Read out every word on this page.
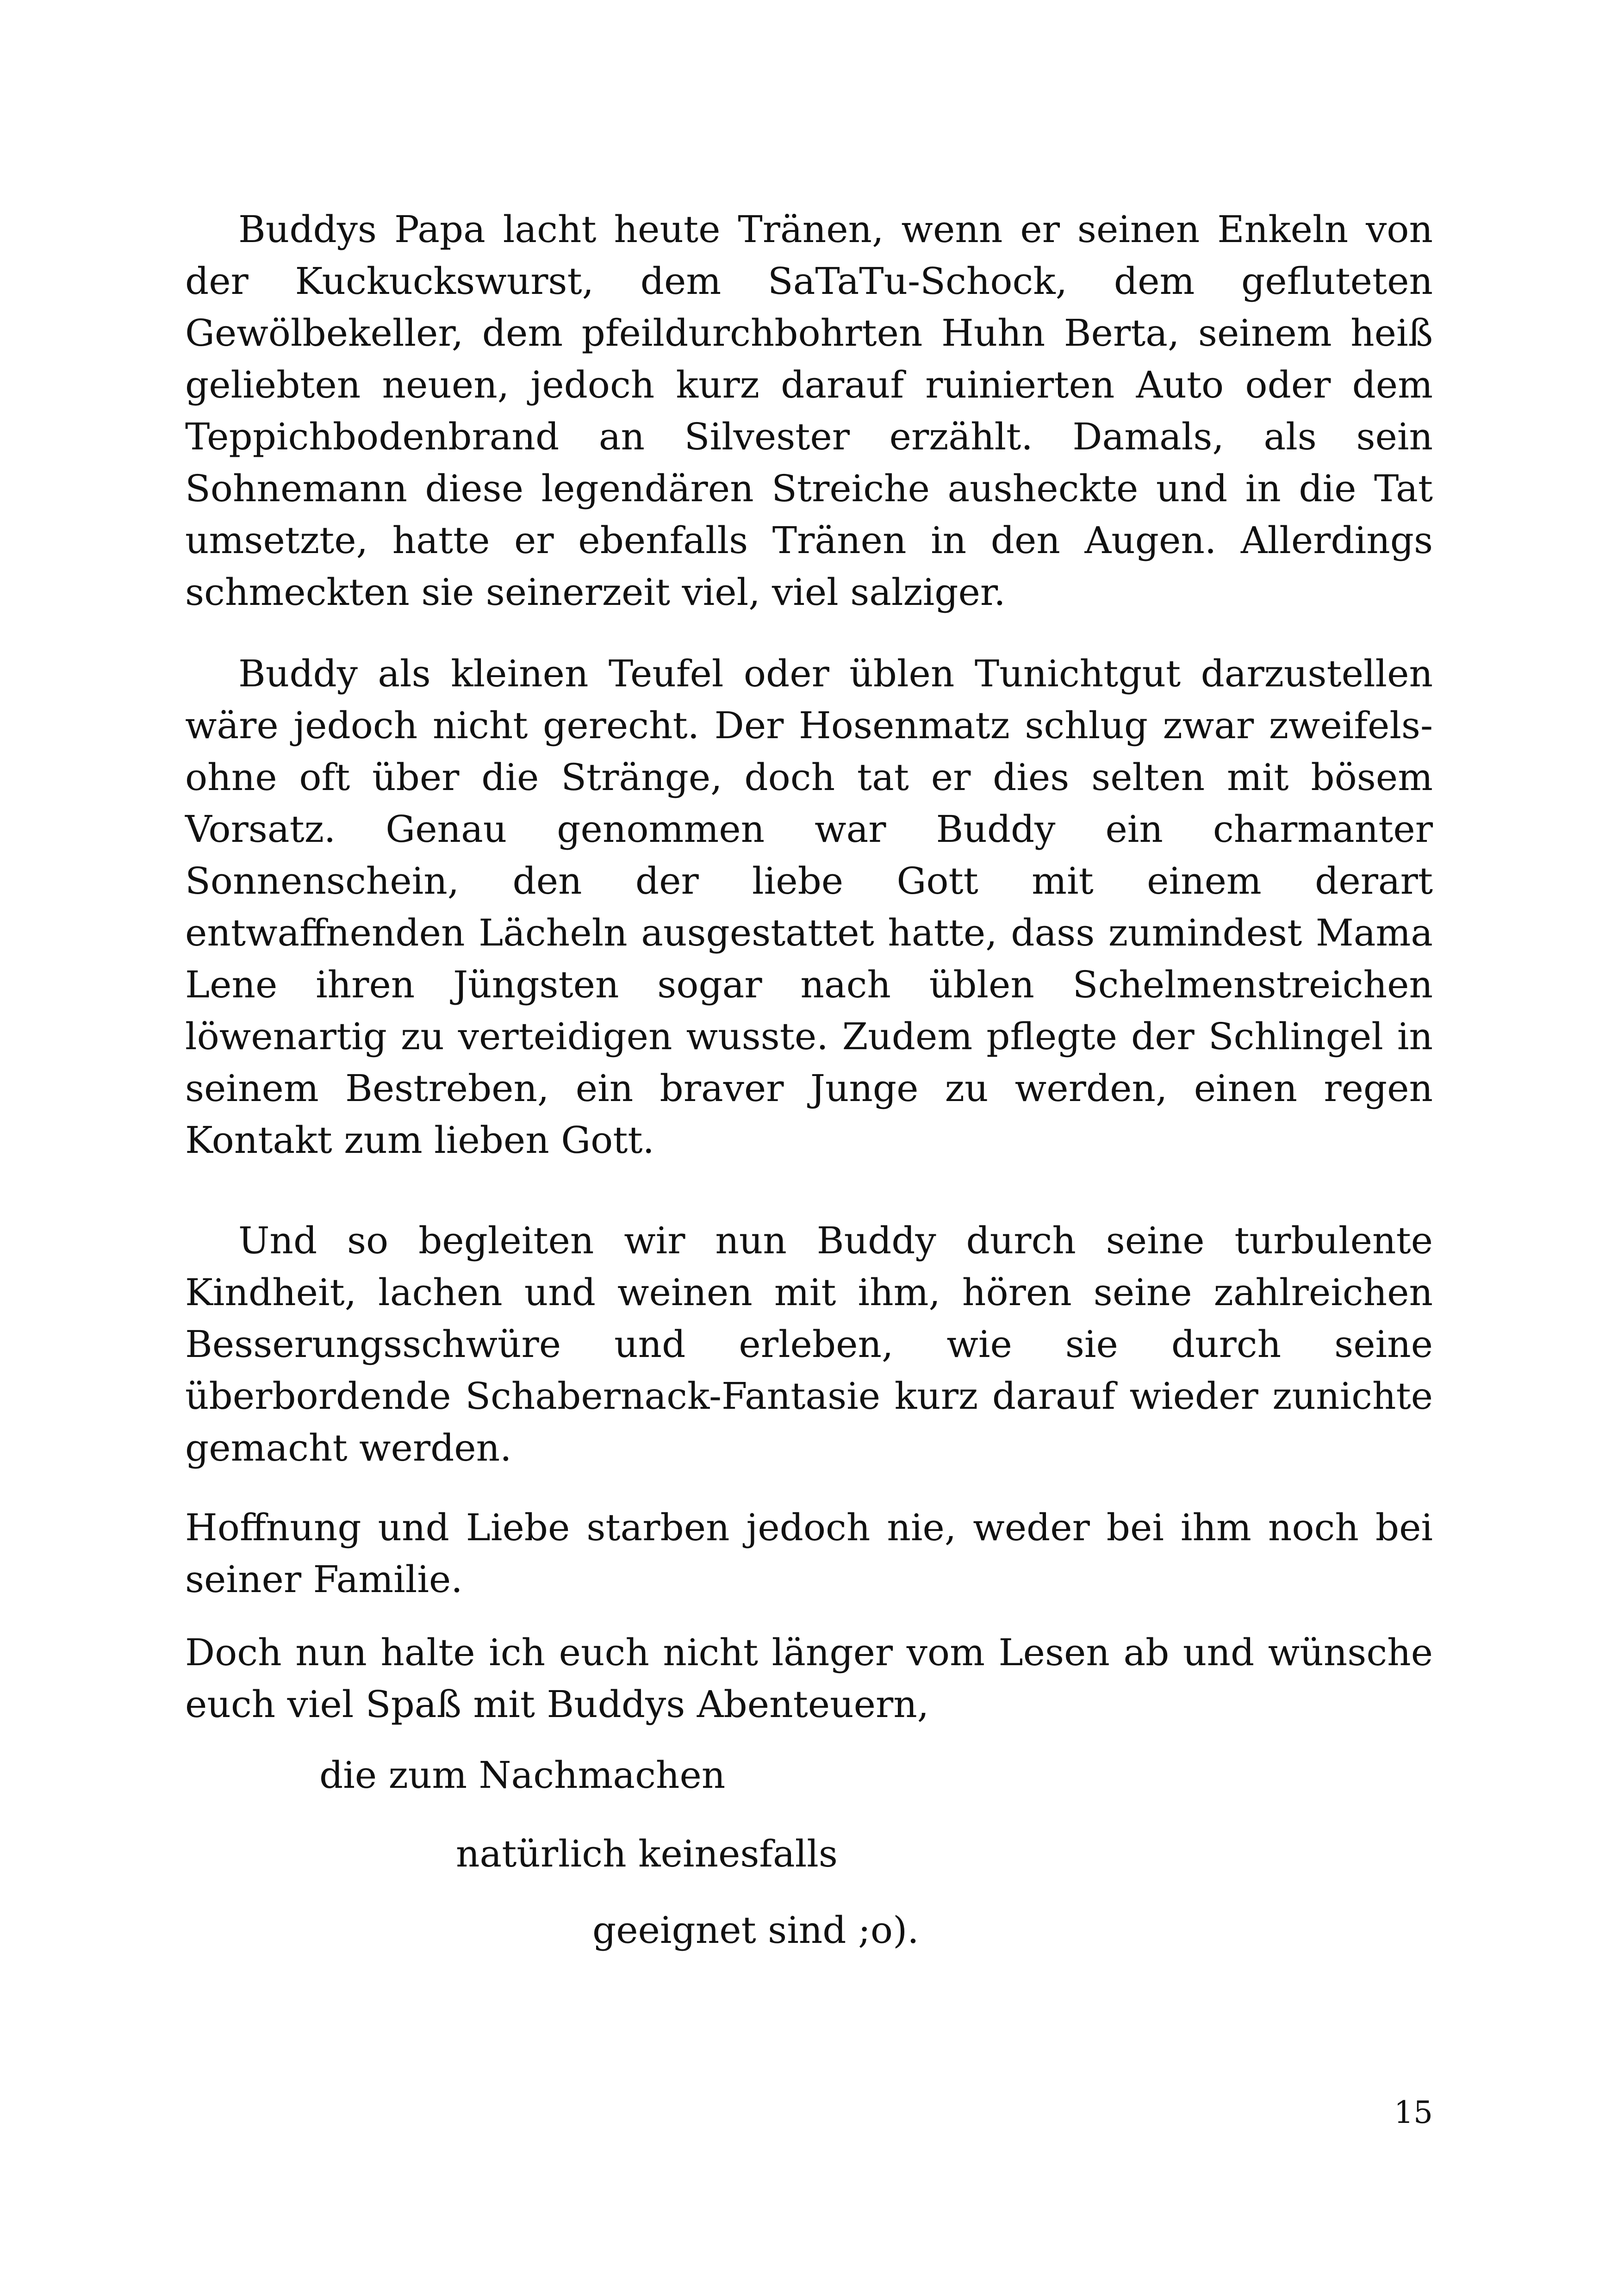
Buddys Papa lacht heute Tränen, wenn er seinen Enkeln von der Kuckuckswurst, dem SaTaTu-Schock, dem gefluteten Gewölbekeller, dem pfeildurchbohrten Huhn Berta, seinem heiß geliebten neuen, jedoch kurz darauf ruinierten Auto oder dem Teppichbodenbrand an Silvester erzählt. Damals, als sein Sohnemann diese legendären Streiche ausheckte und in die Tat umsetzte, hatte er ebenfalls Tränen in den Augen. Allerdings schmeckten sie seinerzeit viel, viel salziger.

Buddy als kleinen Teufel oder üblen Tunichtgut darzustellen wäre jedoch nicht gerecht. Der Hosenmatz schlug zwar zweifelsohne oft über die Stränge, doch tat er dies selten mit bösem Vorsatz. Genau genommen war Buddy ein charmanter Sonnenschein, den der liebe Gott mit einem derart entwaffnenden Lächeln ausgestattet hatte, dass zumindest Mama Lene ihren Jüngsten sogar nach üblen Schelmenstreichen löwenartig zu verteidigen wusste. Zudem pflegte der Schlingel in seinem Bestreben, ein braver Junge zu werden, einen regen Kontakt zum lieben Gott.

Und so begleiten wir nun Buddy durch seine turbulente Kindheit, lachen und weinen mit ihm, hören seine zahlreichen Besserungsschwüre und erleben, wie sie durch seine überbordende Schabernack-Fantasie kurz darauf wieder zunichte gemacht werden.

Hoffnung und Liebe starben jedoch nie, weder bei ihm noch bei seiner Familie.

Doch nun halte ich euch nicht länger vom Lesen ab und wünsche euch viel Spaß mit Buddys Abenteuern,

die zum Nachmachen
natürlich keinesfalls
geeignet sind ;o).
15
